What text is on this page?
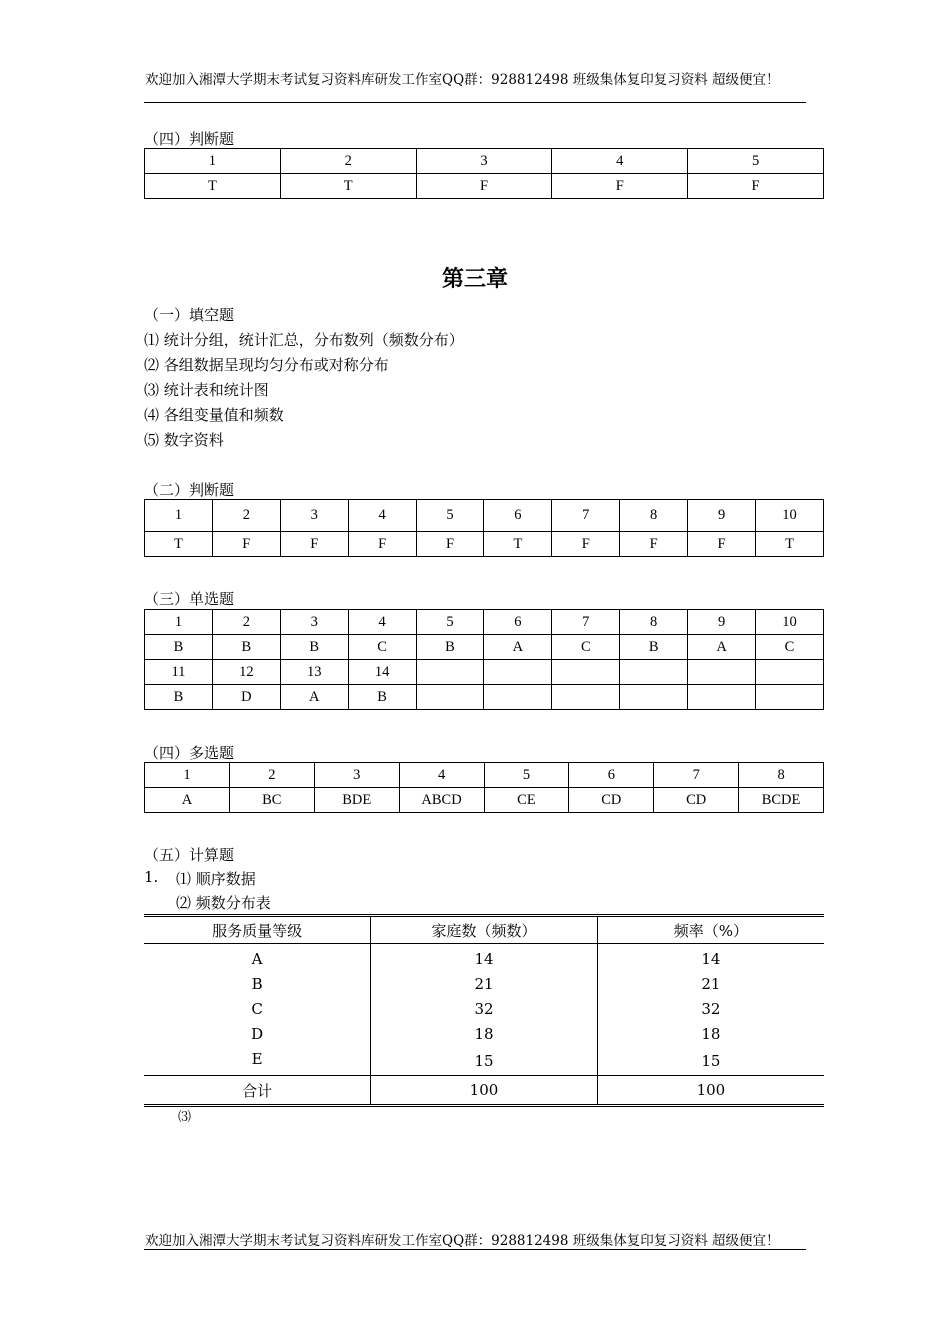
欢迎加入湘潭大学期末考试复习资料库研发工作室QQ群：928812498 班级集体复印复习资料 超级便宜！
（四）判断题
1	2	3	4	5
T	T	F	F	F
第三章
（一）填空题
⑴ 统计分组，统计汇总，分布数列（频数分布）
⑵ 各组数据呈现均匀分布或对称分布
⑶ 统计表和统计图
⑷ 各组变量值和频数
⑸ 数字资料
（二）判断题
1	2	3	4	5	6	7	8	9	10
T	F	F	F	F	T	F	F	F	T
（三）单选题
1	2	3	4	5	6	7	8	9	10
B	B	B	C	B	A	C	B	A	C
11	12	13	14						
B	D	A	B						
（四）多选题
1	2	3	4	5	6	7	8
A	BC	BDE	ABCD	CE	CD	CD	BCDE
（五）计算题
1. ⑴ 顺序数据
⑵ 频数分布表
服务质量等级	家庭数（频数）	频率（%）
A	14	14
B	21	21
C	32	32
D	18	18
E	15	15
合计	100	100
⑶
欢迎加入湘潭大学期末考试复习资料库研发工作室QQ群：928812498 班级集体复印复习资料 超级便宜！
